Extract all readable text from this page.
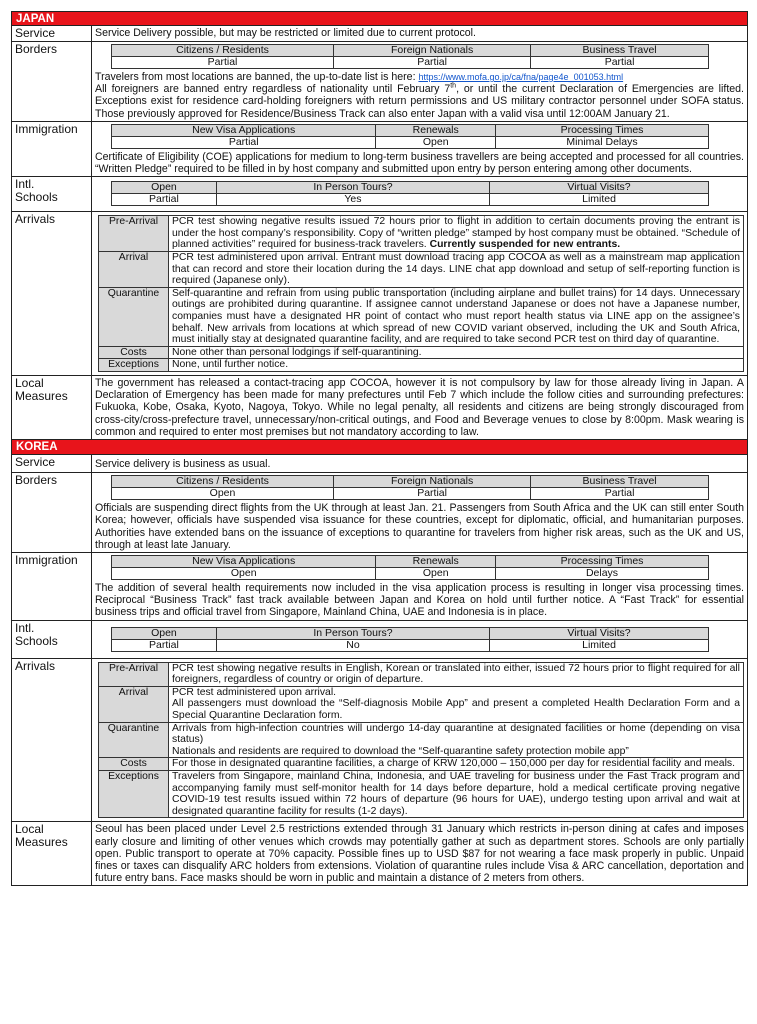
JAPAN
Service	Service Delivery possible, but may be restricted or limited due to current protocol.
Borders	Citizens / Residents	Foreign Nationals	Business Travel
Partial	Partial	Partial

Travelers from most locations are banned, the up-to-date list is here: https://www.mofa.go.jp/ca/fna/page4e_001053.html

All foreigners are banned entry regardless of nationality until February 7th, or until the current Declaration of Emergencies are lifted. Exceptions exist for residence card-holding foreigners with return permissions and US military contractor personnel under SOFA status. Those previously approved for Residence/Business Track can also enter Japan with a valid visa until 12:00AM January 21.

Immigration	New Visa Applications	Renewals	Processing Times
Partial	Open	Minimal Delays

Certificate of Eligibility (COE) applications for medium to long-term business travellers are being accepted and processed for all countries. “Written Pledge” required to be filled in by host company and submitted upon entry by person entering among other documents.

Intl.
Schools
Open	In Person Tours?	Virtual Visits?
Partial	Yes	Limited
Arrivals	Pre-Arrival	PCR test showing negative results issued 72 hours prior to flight in addition to certain documents proving the entrant is under the host company’s responsibility. Copy of “written pledge” stamped by host company must be obtained. “Schedule of planned activities” required for business-track travelers. Currently suspended for new entrants.
Arrival	PCR test administered upon arrival. Entrant must download tracing app COCOA as well as a mainstream map application that can record and store their location during the 14 days. LINE chat app download and setup of self-reporting function is required (Japanese only).
Quarantine	Self-quarantine and refrain from using public transportation (including airplane and bullet trains) for 14 days. Unnecessary outings are prohibited during quarantine. If assignee cannot understand Japanese or does not have a Japanese number, companies must have a designated HR point of contact who must report health status via LINE app on the assignee’s behalf. New arrivals from locations at which spread of new COVID variant observed, including the UK and South Africa, must initially stay at designated quarantine facility, and are required to take second PCR test on third day of quarantine.
Costs	None other than personal lodgings if self-quarantining.
Exceptions	None, until further notice.
Local
Measures

The government has released a contact-tracing app COCOA, however it is not compulsory by law for those already living in Japan. A Declaration of Emergency has been made for many prefectures until Feb 7 which include the follow cities and surrounding prefectures: Fukuoka, Kobe, Osaka, Kyoto, Nagoya, Tokyo. While no legal penalty, all residents and citizens are being strongly discouraged from cross-city/cross-prefecture travel, unnecessary/non-critical outings, and Food and Beverage venues to close by 8:00pm. Mask wearing is common and required to enter most premises but not mandatory according to law.

KOREA
Service	Service delivery is business as usual.
Borders	Citizens / Residents	Foreign Nationals	Business Travel
Open	Partial	Partial

Officials are suspending direct flights from the UK through at least Jan. 21. Passengers from South Africa and the UK can still enter South Korea; however, officials have suspended visa issuance for these countries, except for diplomatic, official, and humanitarian purposes. Authorities have extended bans on the issuance of exceptions to quarantine for travelers from higher risk areas, such as the UK and US, through at least late January.

Immigration	New Visa Applications	Renewals	Processing Times
Open	Open	Delays

The addition of several health requirements now included in the visa application process is resulting in longer visa processing times. Reciprocal “Business Track” fast track available between Japan and Korea on hold until further notice. A “Fast Track” for essential business trips and official travel from Singapore, Mainland China, UAE and Indonesia is in place.

Intl.
Schools
Open	In Person Tours?	Virtual Visits?
Partial	No	Limited
Arrivals	Pre-Arrival	PCR test showing negative results in English, Korean or translated into either, issued 72 hours prior to flight required for all foreigners, regardless of country or origin of departure.
Arrival	PCR test administered upon arrival.
All passengers must download the “Self-diagnosis Mobile App” and present a completed Health Declaration Form and a Special Quarantine Declaration form.

Quarantine	Arrivals from high-infection countries will undergo 14-day quarantine at designated facilities or home (depending on visa status)
Nationals and residents are required to download the “Self-quarantine safety protection mobile app”

Costs	For those in designated quarantine facilities, a charge of KRW 120,000 – 150,000 per day for residential facility and meals.
Exceptions	Travelers from Singapore, mainland China, Indonesia, and UAE traveling for business under the Fast Track program and accompanying family must self-monitor health for 14 days before departure, hold a medical certificate proving negative COVID-19 test results issued within 72 hours of departure (96 hours for UAE), undergo testing upon arrival and wait at designated quarantine facility for results (1-2 days).
Local
Measures

Seoul has been placed under Level 2.5 restrictions extended through 31 January which restricts in-person dining at cafes and imposes early closure and limiting of other venues which crowds may potentially gather at such as department stores. Schools are only partially open. Public transport to operate at 70% capacity. Possible fines up to USD $87 for not wearing a face mask properly in public. Unpaid fines or taxes can disqualify ARC holders from extensions. Violation of quarantine rules include Visa & ARC cancellation, deportation and future entry bans. Face masks should be worn in public and maintain a distance of 2 meters from others.
